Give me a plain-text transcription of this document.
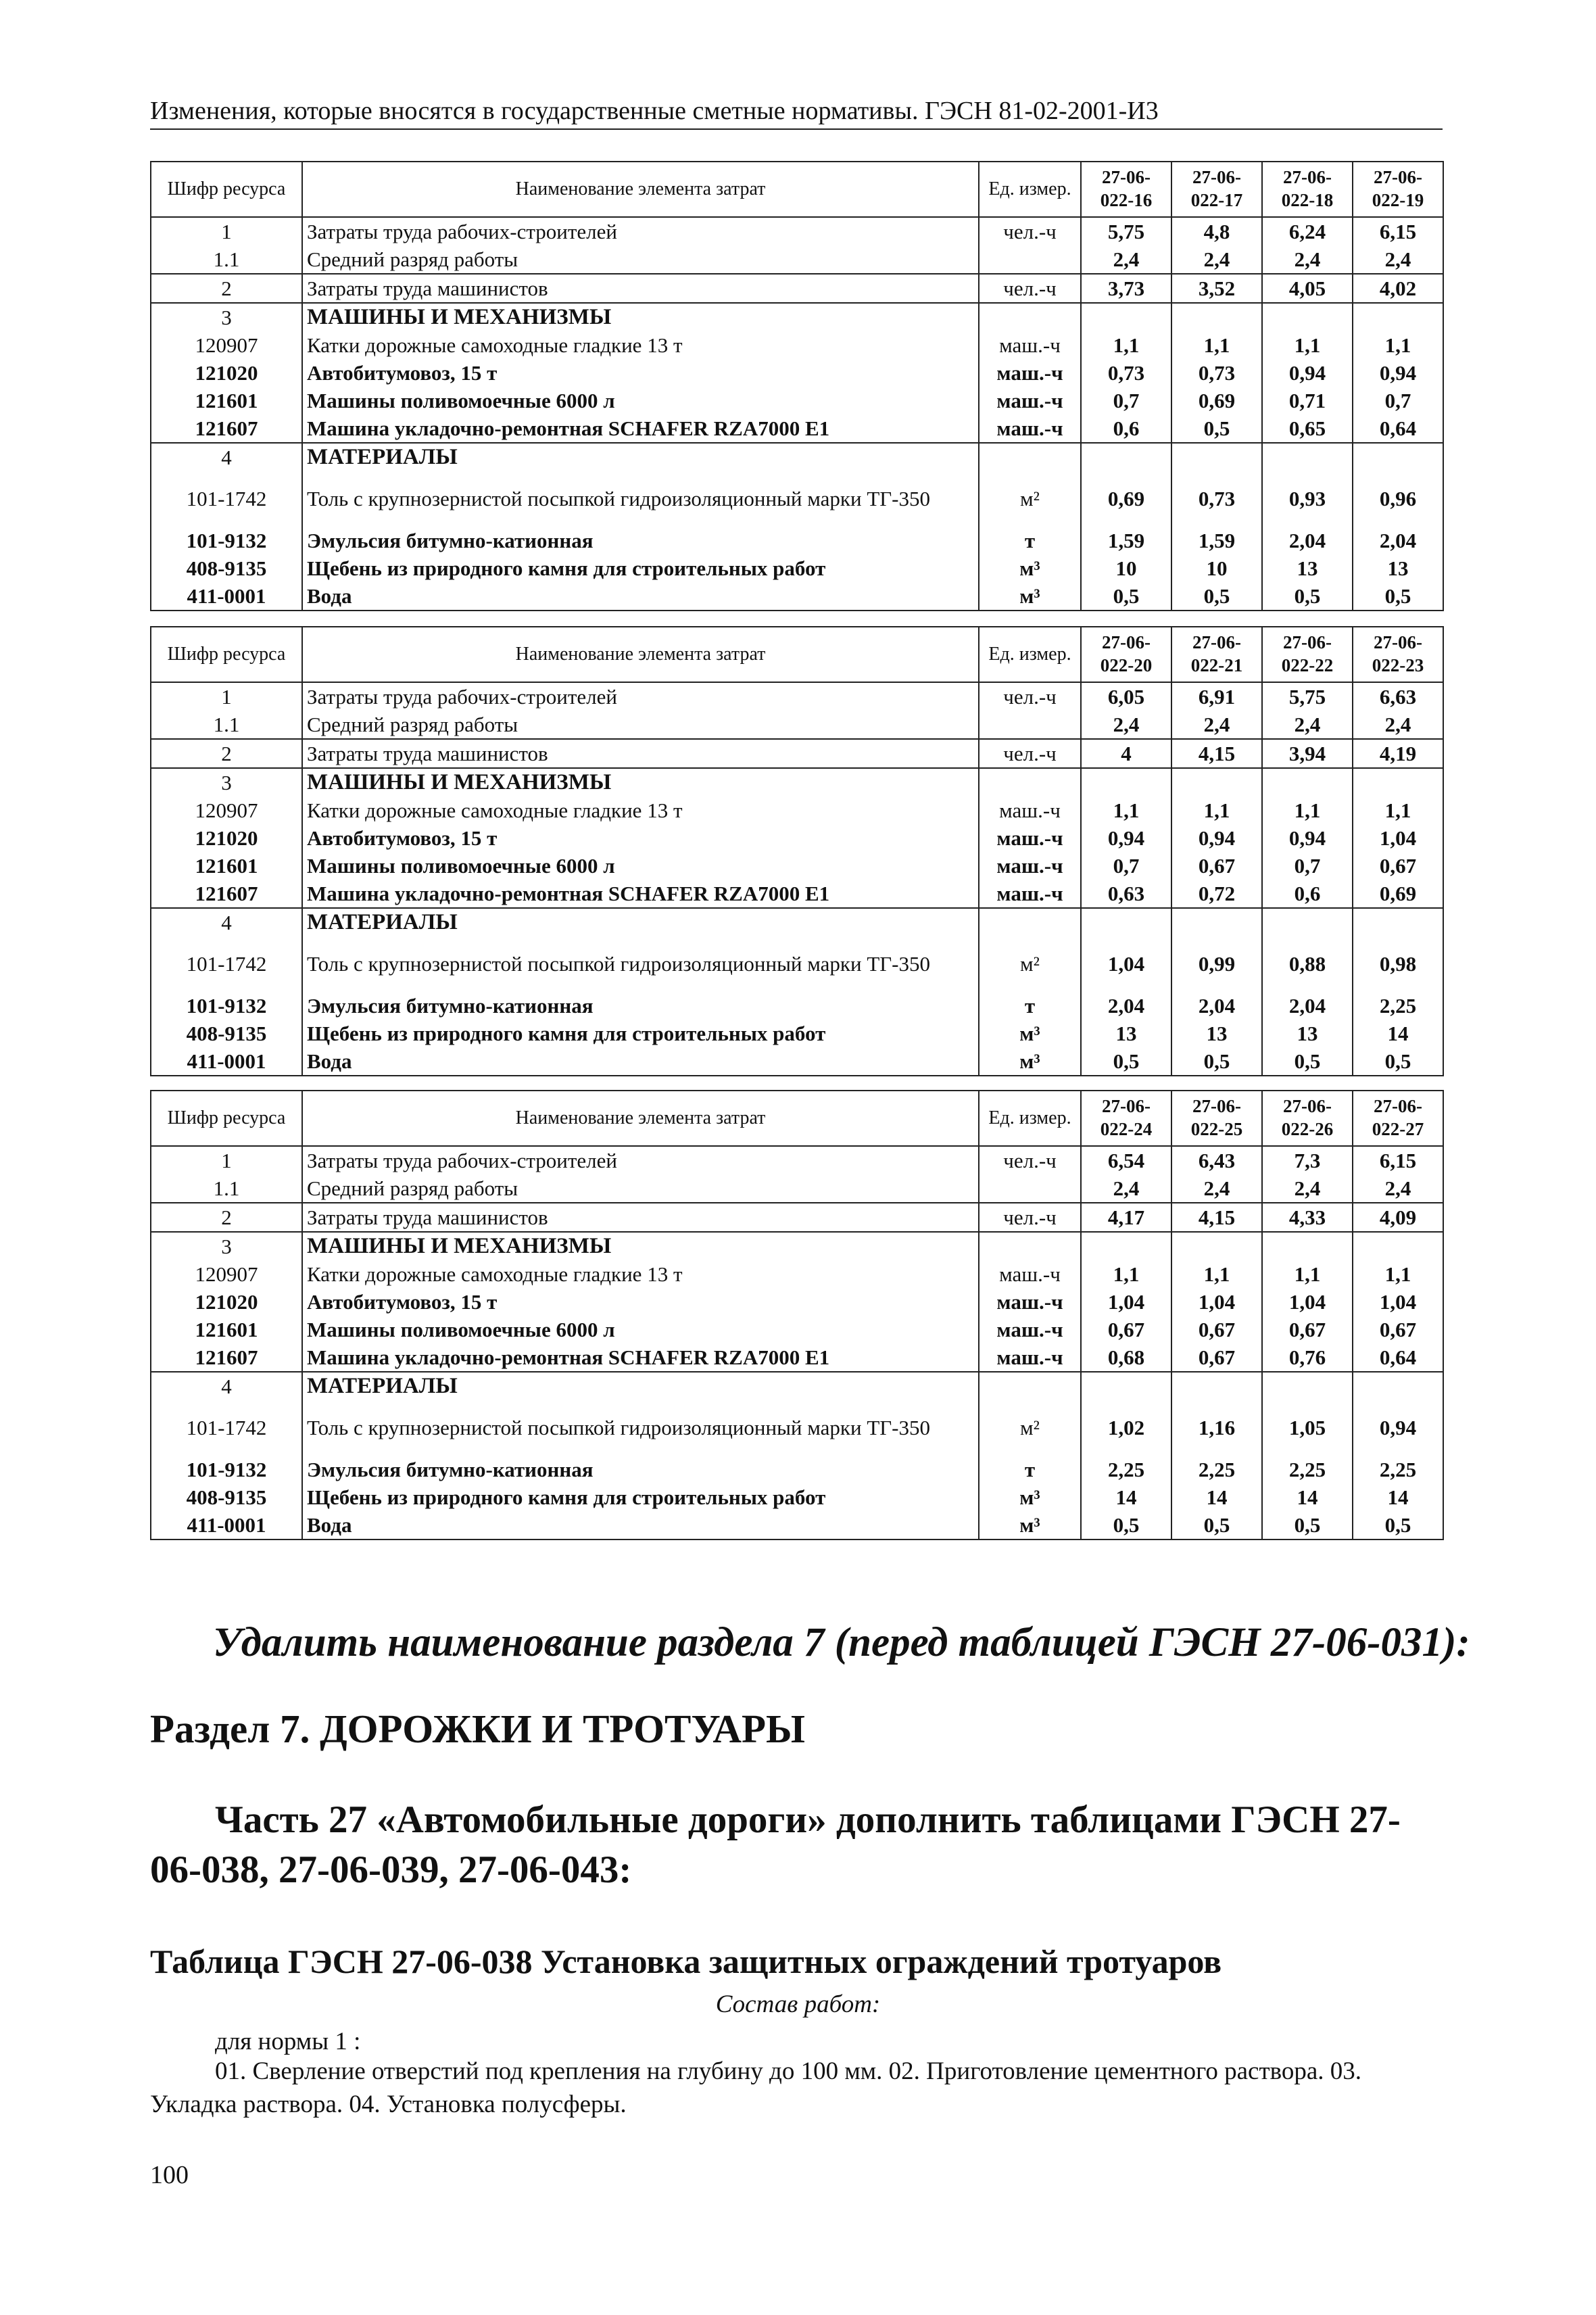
Изменения, которые вносятся в государственные сметные нормативы. ГЭСН 81-02-2001-И3
Шифр ресурса	Наименование элемента затрат	Ед. измер.	27-06-022-16	27-06-022-17	27-06-022-18	27-06-022-19
1	Затраты труда рабочих-строителей	чел.-ч	5,75	4,8	6,24	6,15
1.1	Средний разряд работы		2,4	2,4	2,4	2,4
2	Затраты труда машинистов	чел.-ч	3,73	3,52	4,05	4,02
3	МАШИНЫ И МЕХАНИЗМЫ					
120907	Катки дорожные самоходные гладкие 13 т	маш.-ч	1,1	1,1	1,1	1,1
121020	Автобитумовоз, 15 т	маш.-ч	0,73	0,73	0,94	0,94
121601	Машины поливомоечные 6000 л	маш.-ч	0,7	0,69	0,71	0,7
121607	Машина укладочно-ремонтная SCHAFER RZA7000 E1	маш.-ч	0,6	0,5	0,65	0,64
4	МАТЕРИАЛЫ					
101-1742	Толь с крупнозернистой посыпкой гидроизоляционный марки ТГ-350	м²	0,69	0,73	0,93	0,96
101-9132	Эмульсия битумно-катионная	т	1,59	1,59	2,04	2,04
408-9135	Щебень из природного камня для строительных работ	м³	10	10	13	13
411-0001	Вода	м³	0,5	0,5	0,5	0,5
Шифр ресурса	Наименование элемента затрат	Ед. измер.	27-06-022-20	27-06-022-21	27-06-022-22	27-06-022-23
1	Затраты труда рабочих-строителей	чел.-ч	6,05	6,91	5,75	6,63
1.1	Средний разряд работы		2,4	2,4	2,4	2,4
2	Затраты труда машинистов	чел.-ч	4	4,15	3,94	4,19
3	МАШИНЫ И МЕХАНИЗМЫ					
120907	Катки дорожные самоходные гладкие 13 т	маш.-ч	1,1	1,1	1,1	1,1
121020	Автобитумовоз, 15 т	маш.-ч	0,94	0,94	0,94	1,04
121601	Машины поливомоечные 6000 л	маш.-ч	0,7	0,67	0,7	0,67
121607	Машина укладочно-ремонтная SCHAFER RZA7000 E1	маш.-ч	0,63	0,72	0,6	0,69
4	МАТЕРИАЛЫ					
101-1742	Толь с крупнозернистой посыпкой гидроизоляционный марки ТГ-350	м²	1,04	0,99	0,88	0,98
101-9132	Эмульсия битумно-катионная	т	2,04	2,04	2,04	2,25
408-9135	Щебень из природного камня для строительных работ	м³	13	13	13	14
411-0001	Вода	м³	0,5	0,5	0,5	0,5
Шифр ресурса	Наименование элемента затрат	Ед. измер.	27-06-022-24	27-06-022-25	27-06-022-26	27-06-022-27
1	Затраты труда рабочих-строителей	чел.-ч	6,54	6,43	7,3	6,15
1.1	Средний разряд работы		2,4	2,4	2,4	2,4
2	Затраты труда машинистов	чел.-ч	4,17	4,15	4,33	4,09
3	МАШИНЫ И МЕХАНИЗМЫ					
120907	Катки дорожные самоходные гладкие 13 т	маш.-ч	1,1	1,1	1,1	1,1
121020	Автобитумовоз, 15 т	маш.-ч	1,04	1,04	1,04	1,04
121601	Машины поливомоечные 6000 л	маш.-ч	0,67	0,67	0,67	0,67
121607	Машина укладочно-ремонтная SCHAFER RZA7000 E1	маш.-ч	0,68	0,67	0,76	0,64
4	МАТЕРИАЛЫ					
101-1742	Толь с крупнозернистой посыпкой гидроизоляционный марки ТГ-350	м²	1,02	1,16	1,05	0,94
101-9132	Эмульсия битумно-катионная	т	2,25	2,25	2,25	2,25
408-9135	Щебень из природного камня для строительных работ	м³	14	14	14	14
411-0001	Вода	м³	0,5	0,5	0,5	0,5
Удалить наименование раздела 7 (перед таблицей ГЭСН 27-06-031):
Раздел 7. ДОРОЖКИ И ТРОТУАРЫ
Часть 27 «Автомобильные дороги» дополнить таблицами ГЭСН 27-06-038, 27-06-039, 27-06-043:
Таблица ГЭСН 27-06-038 Установка защитных ограждений тротуаров
Состав работ:
для нормы 1 :
01. Сверление отверстий под крепления на глубину до 100 мм. 02. Приготовление цементного раствора. 03. Укладка раствора. 04. Установка полусферы.
100
